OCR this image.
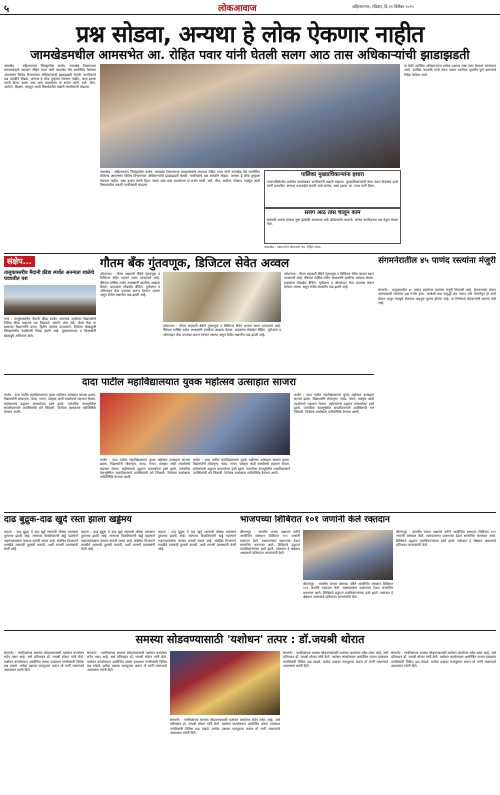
५	लोकआवाज	अहिल्यानगर, रविवार, दि.२१ डिसेंबर २०२५
प्रश्न सोडवा, अन्यथा हे लोक ऐकणार नाहीत
जामखेडमधील आमसभेत आ. रोहित पवार यांनी घेतली सलग आठ तास अधिकाऱ्यांची झाडाझडती
जामखेड : अहिल्यानगर जिल्ह्यातील कर्जत, जामखेड विधानसभा मतदारसंघाचे आमदार रोहित पवार यांनी जामखेड येथे आयोजित केलेल्या आमसभेत विविध विभागांच्या अधिकाऱ्यांची झाडाझडती घेतली. नागरिकांचे प्रश्न तातडीने सोडवा, अन्यथा हे लोक तुम्हाला ऐकणार नाहीत, असा इशारा त्यांनी दिला. सलग आठ तास चाललेल्या या सभेत पाणी, रस्ते, वीज, आरोग्य, शिक्षण, महसूल आदी विषयांवरील तक्रारी नागरिकांनी मांडल्या.
जामखेड : आमसभेत बोलताना आ. रोहित पवार.
या वेळी उपस्थित अधिकाऱ्यांना प्रत्येक प्रश्नावर स्पष्ट उत्तर देण्यास सांगण्यात आले. प्रलंबित कामांची यादी तयार करून ठराविक मुदतीत पूर्ण करण्याचे निर्देश देण्यात आले.
जामखेड : अहिल्यानगर जिल्ह्यातील कर्जत, जामखेड विधानसभा मतदारसंघाचे आमदार रोहित पवार यांनी जामखेड येथे आयोजित केलेल्या आमसभेत विविध विभागांच्या अधिकाऱ्यांची झाडाझडती घेतली. नागरिकांचे प्रश्न तातडीने सोडवा, अन्यथा हे लोक तुम्हाला ऐकणार नाहीत, असा इशारा त्यांनी दिला. सलग आठ तास चाललेल्या या सभेत पाणी, रस्ते, वीज, आरोग्य, शिक्षण, महसूल आदी विषयांवरील तक्रारी नागरिकांनी मांडल्या.
पालिका मुख्याधिकाऱ्यांना इशारा
नगरपालिकेतील प्रलंबित कामांबाबत नागरिकांनी तक्रारी मांडल्या. मुख्याधिकाऱ्यांनी येत्या पंधरा दिवसांत कामे मार्गी लावावीत, अन्यथा कारवाईस सामोरे जावे लागेल, असा इशारा आ. पवार यांनी दिला.
सलग आठ तास चालून काम
सकाळी अकरा वाजता सुरू झालेली आमसभा रात्री उशिरापर्यंत चालली. प्रत्येक नागरिकाचा प्रश्न ऐकून घेतला गेला.
संक्षेप...
तालुकास्तरीय मैदानी क्रीडा स्पर्धेत अनन्यता शाळेचे घवघवीत यश
नगर : तालुकास्तरीय मैदानी क्रीडा स्पर्धेत अनन्यता शाळेच्या विद्यार्थ्यांनी विविध क्रीडा प्रकारांत यश मिळवले. धावणे, लांब उडी, गोळा फेक या प्रकारांत विद्यार्थ्यांनी प्रथम, द्वितीय क्रमांक पटकावले. विजेत्या खेळाडूंची जिल्हास्तरीय स्पर्धेसाठी निवड झाली आहे. मुख्याध्यापक व शिक्षकांनी खेळाडूंचे अभिनंदन केले.
गौतम बँक गुंतवणूक, डिजिटल सेवेत अव्वल
कोपरगाव : गौतम सहकारी बँकेने गुंतवणूक व डिजिटल सेवेत अव्वल स्थान पटकावले आहे. बँकेच्या वार्षिक सभेत अध्यक्षांनी प्रगतीचा आढावा घेतला. ग्राहकांना मोबाईल बँकिंग, यूपीआय व ऑनलाइन सेवा उपलब्ध करून देण्यात आल्या असून ठेवीत लक्षणीय वाढ झाली आहे.
कोपरगाव : गौतम सहकारी बँकेने गुंतवणूक व डिजिटल सेवेत अव्वल स्थान पटकावले आहे. बँकेच्या वार्षिक सभेत अध्यक्षांनी प्रगतीचा आढावा घेतला. ग्राहकांना मोबाईल बँकिंग, यूपीआय व ऑनलाइन सेवा उपलब्ध करून देण्यात आल्या असून ठेवीत लक्षणीय वाढ झाली आहे.
कोपरगाव : गौतम सहकारी बँकेने गुंतवणूक व डिजिटल सेवेत अव्वल स्थान पटकावले आहे. बँकेच्या वार्षिक सभेत अध्यक्षांनी प्रगतीचा आढावा घेतला. ग्राहकांना मोबाईल बँकिंग, यूपीआय व ऑनलाइन सेवा उपलब्ध करून देण्यात आल्या असून ठेवीत लक्षणीय वाढ झाली आहे.
संगमनेरातील ४५ पाणंद रस्त्यांना मंजुरी
संगमनेर : तालुक्यातील ४५ पाणंद रस्त्यांच्या कामांना मंजुरी मिळाली आहे. शेतकऱ्यांना शेतात जाण्यासाठी रस्त्यांचा प्रश्न गंभीर होता. मातोश्री ग्राम समृद्धी शेत पाणंद रस्ते योजनेतून ही कामे होणार असून त्यामुळे शेतमाल वाहतूक सुलभ होणार आहे. या निर्णयाचे शेतकऱ्यांनी स्वागत केले आहे.
दादा पाटील महाविद्यालयात युवक महोत्सव उत्साहात साजरा
कर्जत : दादा पाटील महाविद्यालयात युवक महोत्सव उत्साहात साजरा झाला. विद्यार्थ्यांनी लोकनृत्य, नाट्य, गायन, वक्तृत्व आदी स्पर्धांमध्ये सहभाग घेतला. महोत्सवाचे उद्घाटन प्राचार्यांच्या हस्ते झाले. पारंपरिक वेशभूषेतील सादरीकरणाने उपस्थितांची मने जिंकली. विजेत्या स्पर्धकांना पारितोषिके देण्यात आली.
कर्जत : दादा पाटील महाविद्यालयात युवक महोत्सव उत्साहात साजरा झाला. विद्यार्थ्यांनी लोकनृत्य, नाट्य, गायन, वक्तृत्व आदी स्पर्धांमध्ये सहभाग घेतला. महोत्सवाचे उद्घाटन प्राचार्यांच्या हस्ते झाले. पारंपरिक वेशभूषेतील सादरीकरणाने उपस्थितांची मने जिंकली. विजेत्या स्पर्धकांना पारितोषिके देण्यात आली.
कर्जत : दादा पाटील महाविद्यालयात युवक महोत्सव उत्साहात साजरा झाला. विद्यार्थ्यांनी लोकनृत्य, नाट्य, गायन, वक्तृत्व आदी स्पर्धांमध्ये सहभाग घेतला. महोत्सवाचे उद्घाटन प्राचार्यांच्या हस्ते झाले. पारंपरिक वेशभूषेतील सादरीकरणाने उपस्थितांची मने जिंकली. विजेत्या स्पर्धकांना पारितोषिके देण्यात आली.
कर्जत : दादा पाटील महाविद्यालयात युवक महोत्सव उत्साहात साजरा झाला. विद्यार्थ्यांनी लोकनृत्य, नाट्य, गायन, वक्तृत्व आदी स्पर्धांमध्ये सहभाग घेतला. महोत्सवाचे उद्घाटन प्राचार्यांच्या हस्ते झाले. पारंपरिक वेशभूषेतील सादरीकरणाने उपस्थितांची मने जिंकली. विजेत्या स्पर्धकांना पारितोषिके देण्यात आली.
दाढ बुद्रुक-दाढ खुर्द रस्ता झाला खड्डेमय
राहाता : दाढ बुद्रुक ते दाढ खुर्द रस्त्याची मोठ्या प्रमाणात दुरवस्था झाली आहे. रस्त्यावर ठिकठिकाणी खड्डे पडल्याने वाहनचालकांना कसरत करावी लागत आहे. संबंधित विभागाने तातडीने रस्त्याची दुरुस्ती करावी, अशी मागणी ग्रामस्थांनी केली आहे.
राहाता : दाढ बुद्रुक ते दाढ खुर्द रस्त्याची मोठ्या प्रमाणात दुरवस्था झाली आहे. रस्त्यावर ठिकठिकाणी खड्डे पडल्याने वाहनचालकांना कसरत करावी लागत आहे. संबंधित विभागाने तातडीने रस्त्याची दुरुस्ती करावी, अशी मागणी ग्रामस्थांनी केली आहे.
राहाता : दाढ बुद्रुक ते दाढ खुर्द रस्त्याची मोठ्या प्रमाणात दुरवस्था झाली आहे. रस्त्यावर ठिकठिकाणी खड्डे पडल्याने वाहनचालकांना कसरत करावी लागत आहे. संबंधित विभागाने तातडीने रस्त्याची दुरुस्ती करावी, अशी मागणी ग्रामस्थांनी केली आहे.
भाजपच्या शिबिरात १०१ जणांनी केले रक्तदान
श्रीरामपूर : भारतीय जनता पक्षाच्या वतीने आयोजित रक्तदान शिबिरात १०१ जणांनी रक्तदान केले. रक्तदात्यांना प्रमाणपत्र देऊन सन्मानित करण्यात आले. शिबिराचे उद्घाटन पदाधिकाऱ्यांच्या हस्ते झाले. रक्तदान हे श्रेष्ठदान असल्याचे प्रतिपादन मान्यवरांनी केले.
श्रीरामपूर : भारतीय जनता पक्षाच्या वतीने आयोजित रक्तदान शिबिरात १०१ जणांनी रक्तदान केले. रक्तदात्यांना प्रमाणपत्र देऊन सन्मानित करण्यात आले. शिबिराचे उद्घाटन पदाधिकाऱ्यांच्या हस्ते झाले. रक्तदान हे श्रेष्ठदान असल्याचे प्रतिपादन मान्यवरांनी केले.
श्रीरामपूर : भारतीय जनता पक्षाच्या वतीने आयोजित रक्तदान शिबिरात १०१ जणांनी रक्तदान केले. रक्तदात्यांना प्रमाणपत्र देऊन सन्मानित करण्यात आले. शिबिराचे उद्घाटन पदाधिकाऱ्यांच्या हस्ते झाले. रक्तदान हे श्रेष्ठदान असल्याचे प्रतिपादन मान्यवरांनी केले.
समस्या सोडवण्यासाठी 'यशोधन' तत्पर : डॉ.जयश्री थोरात
संगमनेर : नागरिकांच्या समस्या सोडवण्यासाठी यशोधन कार्यालय सदैव तत्पर आहे, असे प्रतिपादन डॉ. जयश्री थोरात यांनी केले. यशोधन कार्यालयात आयोजित जनता दरबारात नागरिकांनी विविध प्रश्न मांडले. प्रत्येक प्रश्नाचा पाठपुरावा करून तो मार्गी लावण्याचे आश्वासन त्यांनी दिले.
संगमनेर : नागरिकांच्या समस्या सोडवण्यासाठी यशोधन कार्यालय सदैव तत्पर आहे, असे प्रतिपादन डॉ. जयश्री थोरात यांनी केले. यशोधन कार्यालयात आयोजित जनता दरबारात नागरिकांनी विविध प्रश्न मांडले. प्रत्येक प्रश्नाचा पाठपुरावा करून तो मार्गी लावण्याचे आश्वासन त्यांनी दिले.
संगमनेर : नागरिकांच्या समस्या सोडवण्यासाठी यशोधन कार्यालय सदैव तत्पर आहे, असे प्रतिपादन डॉ. जयश्री थोरात यांनी केले. यशोधन कार्यालयात आयोजित जनता दरबारात नागरिकांनी विविध प्रश्न मांडले. प्रत्येक प्रश्नाचा पाठपुरावा करून तो मार्गी लावण्याचे आश्वासन त्यांनी दिले.
संगमनेर : नागरिकांच्या समस्या सोडवण्यासाठी यशोधन कार्यालय सदैव तत्पर आहे, असे प्रतिपादन डॉ. जयश्री थोरात यांनी केले. यशोधन कार्यालयात आयोजित जनता दरबारात नागरिकांनी विविध प्रश्न मांडले. प्रत्येक प्रश्नाचा पाठपुरावा करून तो मार्गी लावण्याचे आश्वासन त्यांनी दिले.
संगमनेर : नागरिकांच्या समस्या सोडवण्यासाठी यशोधन कार्यालय सदैव तत्पर आहे, असे प्रतिपादन डॉ. जयश्री थोरात यांनी केले. यशोधन कार्यालयात आयोजित जनता दरबारात नागरिकांनी विविध प्रश्न मांडले. प्रत्येक प्रश्नाचा पाठपुरावा करून तो मार्गी लावण्याचे आश्वासन त्यांनी दिले.
